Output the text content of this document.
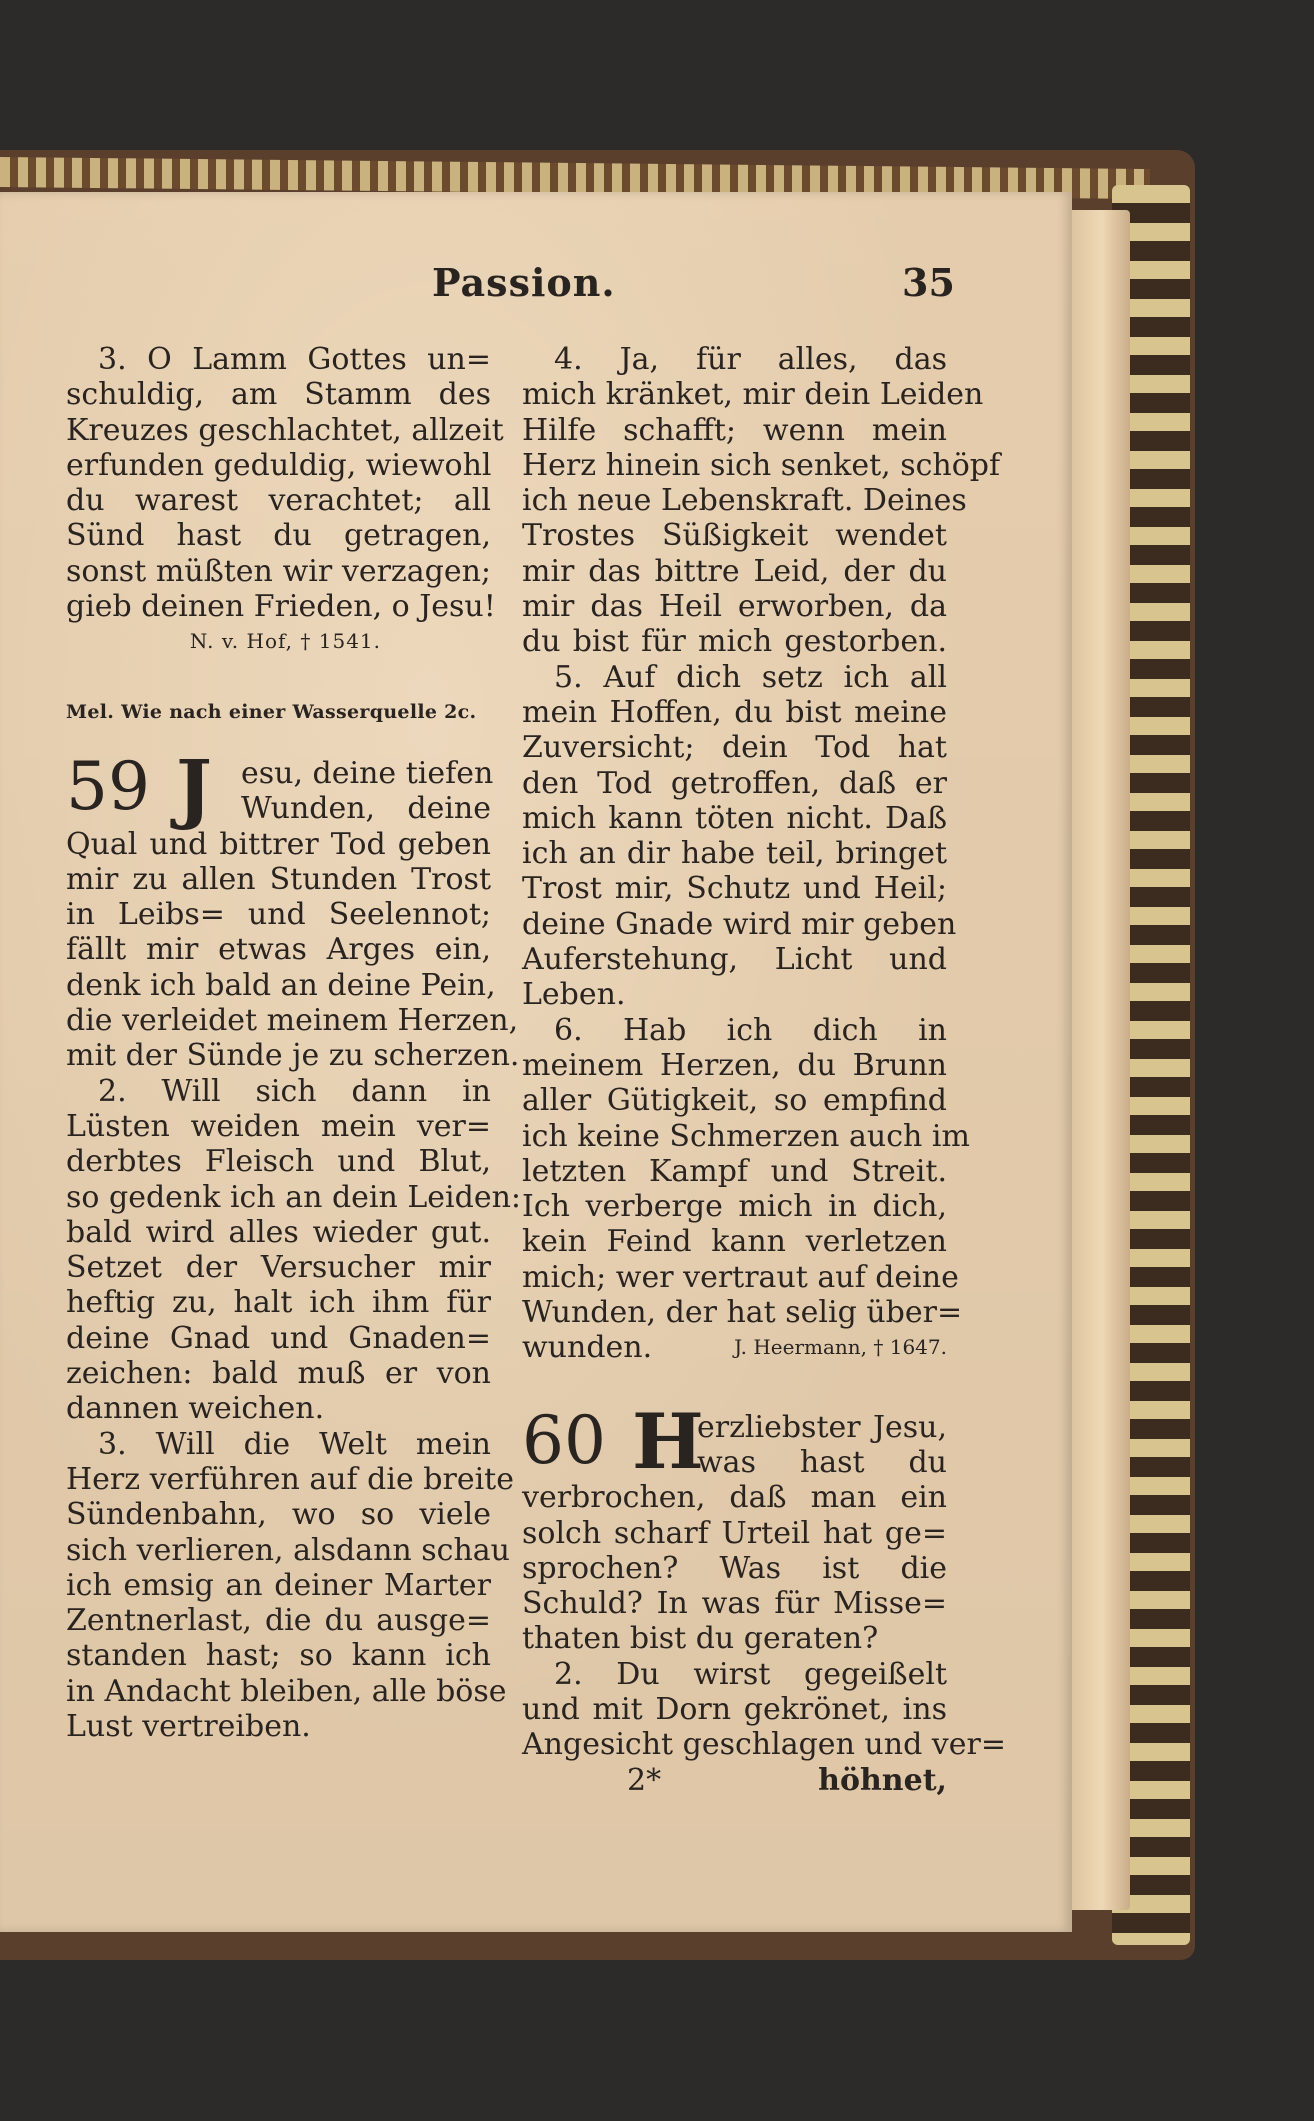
Passion.	35
3. O Lamm Gottes un=
schuldig, am Stamm des
Kreuzes geschlachtet, allzeit
erfunden geduldig, wiewohl
du warest verachtet; all
Sünd hast du getragen,
sonst müßten wir verzagen;
gieb deinen Frieden, o Jesu!
N. v. Hof, † 1541.
Mel. Wie nach einer Wasserquelle 2c.
59 J esu, deine tiefen
Wunden, deine
Qual und bittrer Tod geben
mir zu allen Stunden Trost
in Leibs= und Seelennot;
fällt mir etwas Arges ein,
denk ich bald an deine Pein,
die verleidet meinem Herzen,
mit der Sünde je zu scherzen.
2. Will sich dann in
Lüsten weiden mein ver=
derbtes Fleisch und Blut,
so gedenk ich an dein Leiden:
bald wird alles wieder gut.
Setzet der Versucher mir
heftig zu, halt ich ihm für
deine Gnad und Gnaden=
zeichen: bald muß er von
dannen weichen.
3. Will die Welt mein
Herz verführen auf die breite
Sündenbahn, wo so viele
sich verlieren, alsdann schau
ich emsig an deiner Marter
Zentnerlast, die du ausge=
standen hast; so kann ich
in Andacht bleiben, alle böse
Lust vertreiben.
4. Ja, für alles, das
mich kränket, mir dein Leiden
Hilfe schafft; wenn mein
Herz hinein sich senket, schöpf
ich neue Lebenskraft. Deines
Trostes Süßigkeit wendet
mir das bittre Leid, der du
mir das Heil erworben, da
du bist für mich gestorben.
5. Auf dich setz ich all
mein Hoffen, du bist meine
Zuversicht; dein Tod hat
den Tod getroffen, daß er
mich kann töten nicht. Daß
ich an dir habe teil, bringet
Trost mir, Schutz und Heil;
deine Gnade wird mir geben
Auferstehung, Licht und
Leben.
6. Hab ich dich in
meinem Herzen, du Brunn
aller Gütigkeit, so empfind
ich keine Schmerzen auch im
letzten Kampf und Streit.
Ich verberge mich in dich,
kein Feind kann verletzen
mich; wer vertraut auf deine
Wunden, der hat selig über=
wunden.	J. Heermann, † 1647.
60 H
erzliebster Jesu,
was hast du
verbrochen, daß man ein
solch scharf Urteil hat ge=
sprochen? Was ist die
Schuld? In was für Misse=
thaten bist du geraten?
2. Du wirst gegeißelt
und mit Dorn gekrönet, ins
Angesicht geschlagen und ver=
2*	höhnet,
